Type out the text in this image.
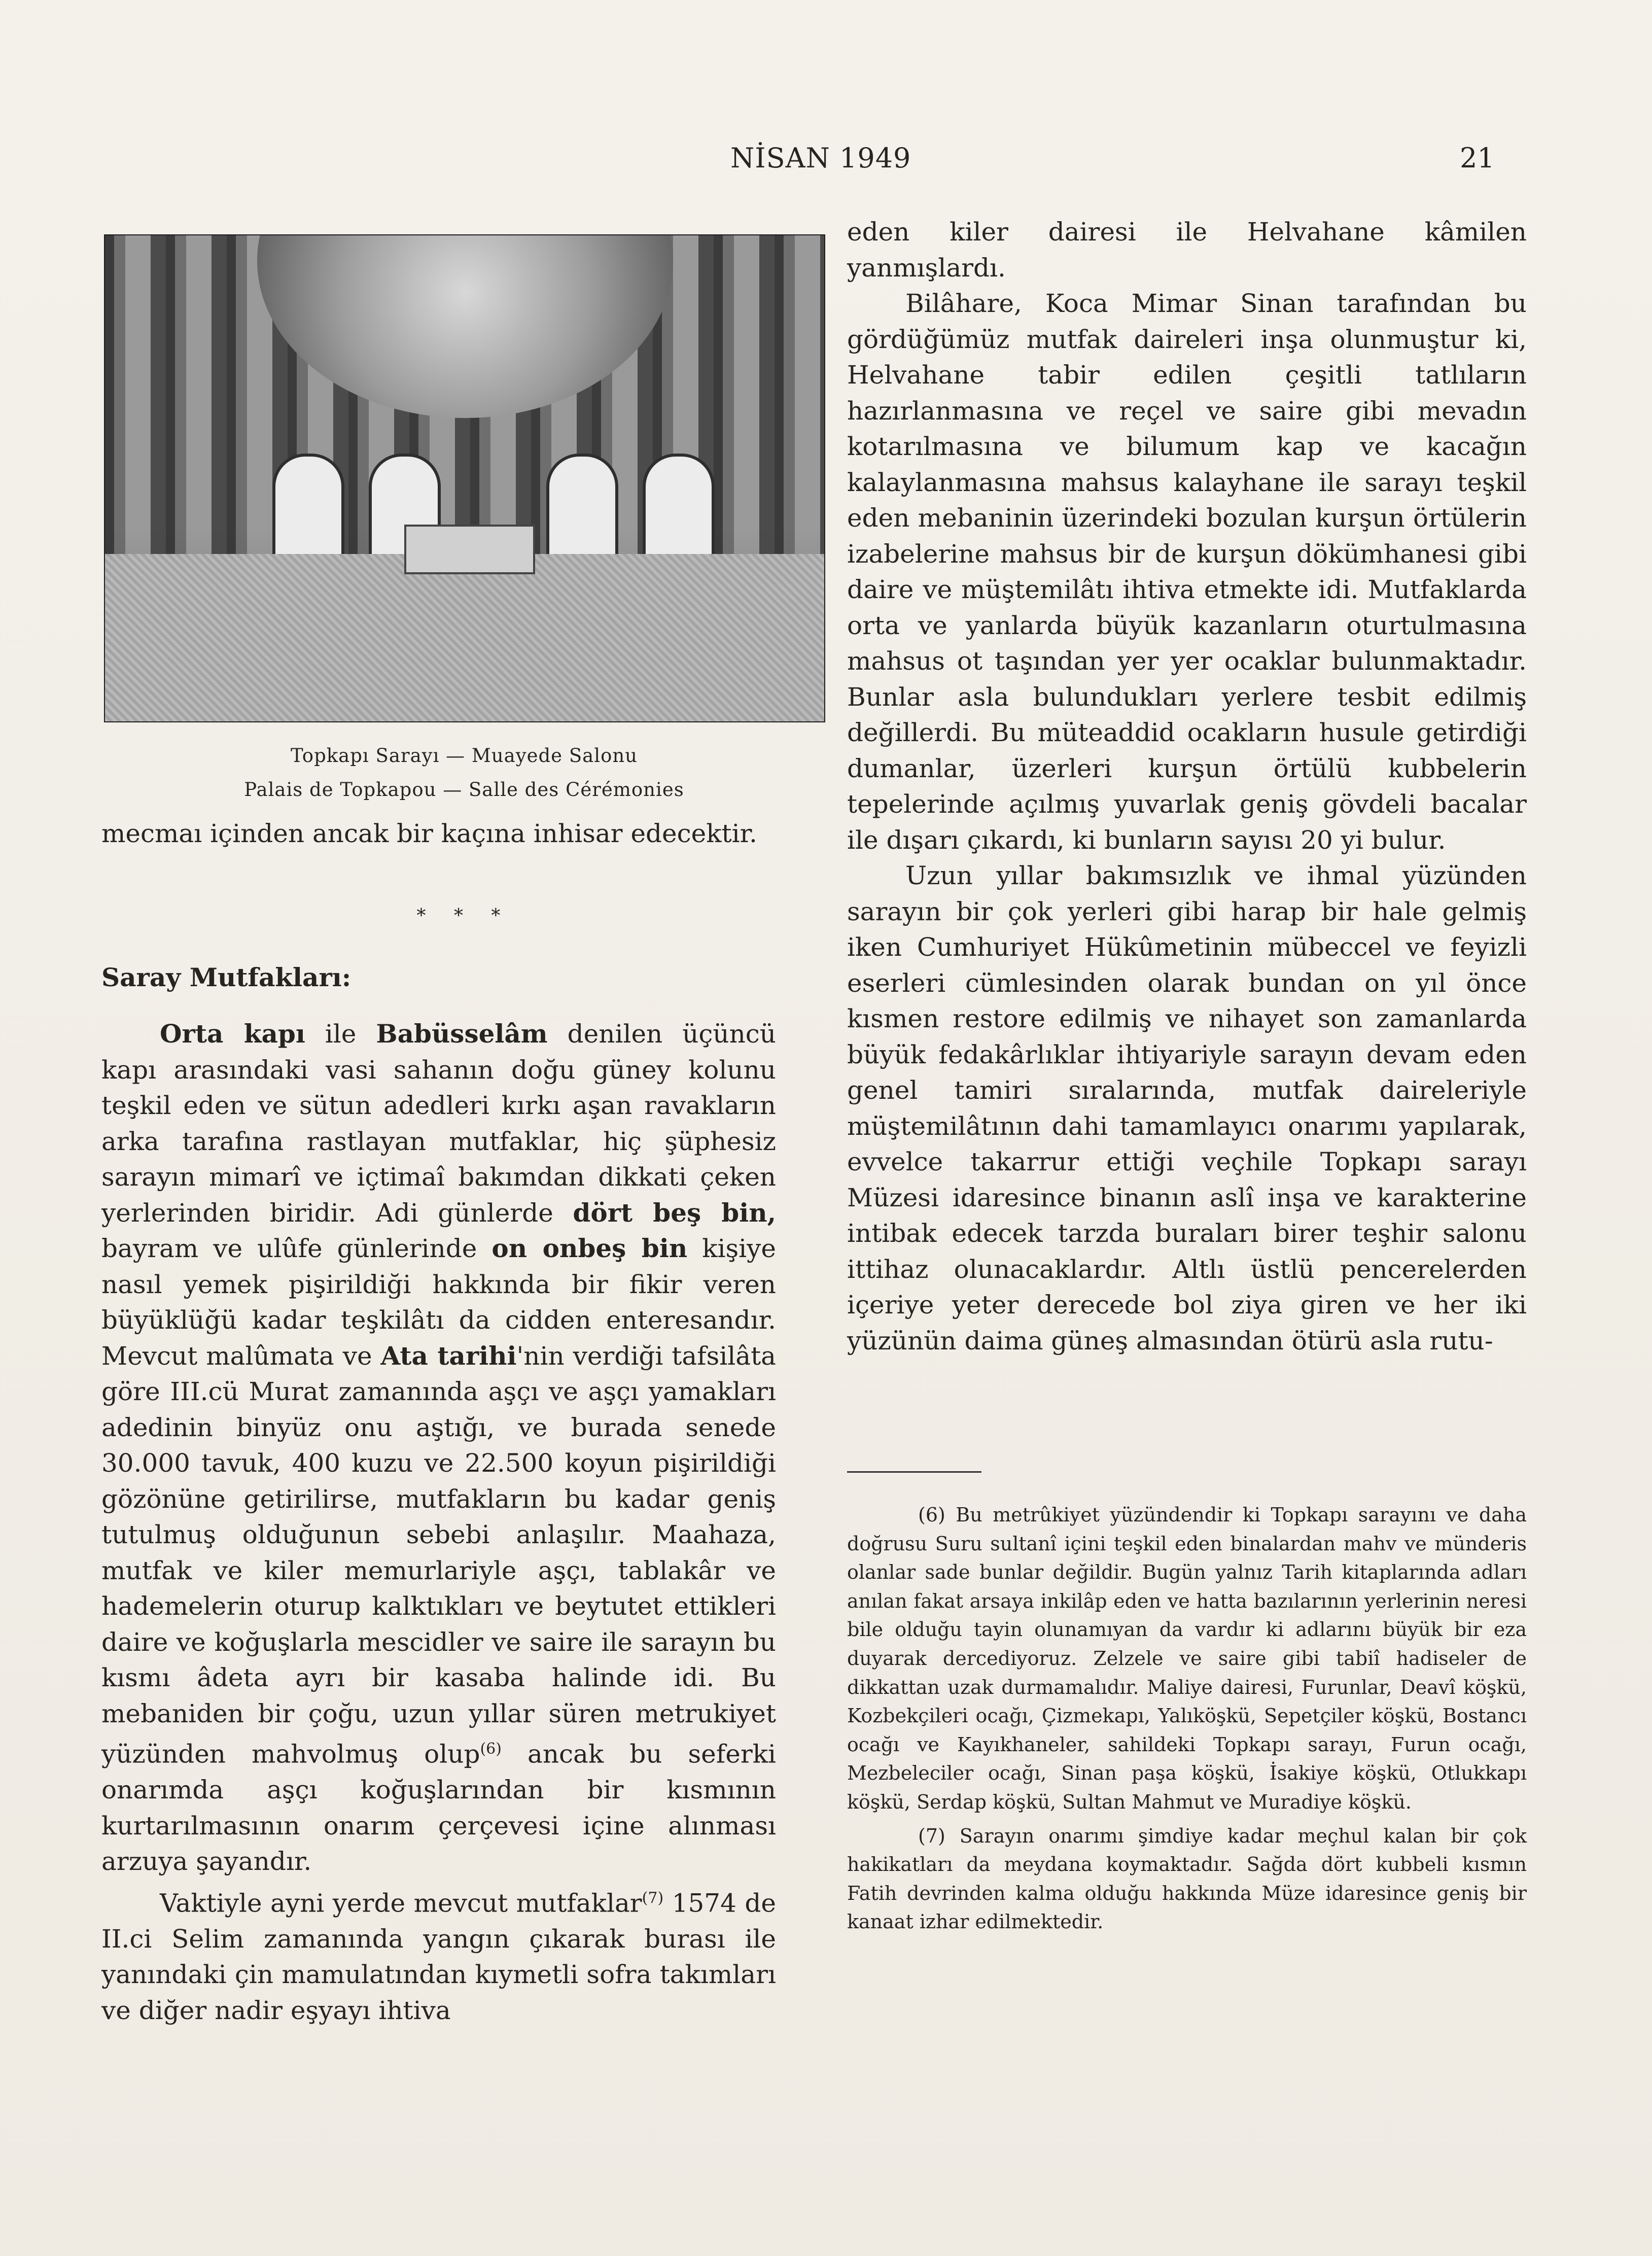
NİSAN 1949	21
Topkapı Sarayı — Muayede Salonu
Palais de Topkapou — Salle des Cérémonies

mecmaı içinden ancak bir kaçına inhisar edecektir.

* * *
Saray Mutfakları:

Orta kapı ile Babüsselâm denilen üçüncü kapı arasındaki vasi sahanın doğu güney kolunu teşkil eden ve sütun adedleri kırkı aşan ravakların arka tarafına rastlayan mutfaklar, hiç şüphesiz sarayın mimarî ve içtimaî bakımdan dikkati çeken yerlerinden biridir. Adi günlerde dört beş bin, bayram ve ulûfe günlerinde on onbeş bin kişiye nasıl yemek pişirildiği hakkında bir fikir veren büyüklüğü kadar teşkilâtı da cidden enteresandır. Mevcut malûmata ve Ata tarihi'nin verdiği tafsilâta göre III.cü Murat zamanında aşçı ve aşçı yamakları adedinin binyüz onu aştığı, ve burada senede 30.000 tavuk, 400 kuzu ve 22.500 koyun pişirildiği gözönüne getirilirse, mutfakların bu kadar geniş tutulmuş olduğunun sebebi anlaşılır. Maahaza, mutfak ve kiler memurlariyle aşçı, tablakâr ve hademelerin oturup kalktıkları ve beytutet ettikleri daire ve koğuşlarla mescidler ve saire ile sarayın bu kısmı âdeta ayrı bir kasaba halinde idi. Bu mebaniden bir çoğu, uzun yıllar süren metrukiyet yüzünden mahvolmuş olup$^{(6)}$ ancak bu seferki onarımda aşçı koğuşlarından bir kısmının kurtarılmasının onarım çerçevesi içine alınması arzuya şayandır.

Vaktiyle ayni yerde mevcut mutfaklar$^{(7)}$ 1574 de II.ci Selim zamanında yangın çıkarak burası ile yanındaki çin mamulatından kıymetli sofra takımları ve diğer nadir eşyayı ihtiva

eden kiler dairesi ile Helvahane kâmilen yanmışlardı.

Bilâhare, Koca Mimar Sinan tarafından bu gördüğümüz mutfak daireleri inşa olunmuştur ki, Helvahane tabir edilen çeşitli tatlıların hazırlanmasına ve reçel ve saire gibi mevadın kotarılmasına ve bilumum kap ve kacağın kalaylanmasına mahsus kalayhane ile sarayı teşkil eden mebaninin üzerindeki bozulan kurşun örtülerin izabelerine mahsus bir de kurşun dökümhanesi gibi daire ve müştemilâtı ihtiva etmekte idi. Mutfaklarda orta ve yanlarda büyük kazanların oturtulmasına mahsus ot taşından yer yer ocaklar bulunmaktadır. Bunlar asla bulundukları yerlere tesbit edilmiş değillerdi. Bu müteaddid ocakların husule getirdiği dumanlar, üzerleri kurşun örtülü kubbelerin tepelerinde açılmış yuvarlak geniş gövdeli bacalar ile dışarı çıkardı, ki bunların sayısı 20 yi bulur.

Uzun yıllar bakımsızlık ve ihmal yüzünden sarayın bir çok yerleri gibi harap bir hale gelmiş iken Cumhuriyet Hükûmetinin mübeccel ve feyizli eserleri cümlesinden olarak bundan on yıl önce kısmen restore edilmiş ve nihayet son zamanlarda büyük fedakârlıklar ihtiyariyle sarayın devam eden genel tamiri sıralarında, mutfak daireleriyle müştemilâtının dahi tamamlayıcı onarımı yapılarak, evvelce takarrur ettiği veçhile Topkapı sarayı Müzesi idaresince binanın aslî inşa ve karakterine intibak edecek tarzda buraları birer teşhir salonu ittihaz olunacaklardır. Altlı üstlü pencerelerden içeriye yeter derecede bol ziya giren ve her iki yüzünün daima güneş almasından ötürü asla rutu-

(6) Bu metrûkiyet yüzündendir ki Topkapı sarayını ve daha doğrusu Suru sultanî içini teşkil eden binalardan mahv ve münderis olanlar sade bunlar değildir. Bugün yalnız Tarih kitaplarında adları anılan fakat arsaya inkilâp eden ve hatta bazılarının yerlerinin neresi bile olduğu tayin olunamıyan da vardır ki adlarını büyük bir eza duyarak dercediyoruz. Zelzele ve saire gibi tabiî hadiseler de dikkattan uzak durmamalıdır. Maliye dairesi, Furunlar, Deavî köşkü, Kozbekçileri ocağı, Çizmekapı, Yalıköşkü, Sepetçiler köşkü, Bostancı ocağı ve Kayıkhaneler, sahildeki Topkapı sarayı, Furun ocağı, Mezbeleciler ocağı, Sinan paşa köşkü, İsakiye köşkü, Otlukkapı köşkü, Serdap köşkü, Sultan Mahmut ve Muradiye köşkü.

(7) Sarayın onarımı şimdiye kadar meçhul kalan bir çok hakikatları da meydana koymaktadır. Sağda dört kubbeli kısmın Fatih devrinden kalma olduğu hakkında Müze idaresince geniş bir kanaat izhar edilmektedir.
